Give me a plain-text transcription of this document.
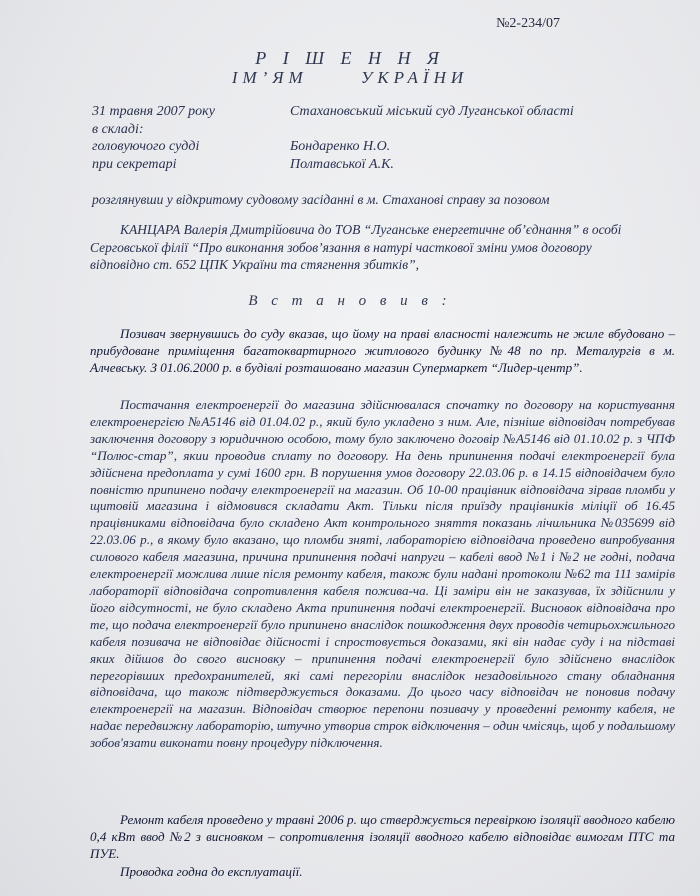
№2-234/07
Р І Ш Е Н Н Я
ІМ’ЯМ	УКРАЇНИ
31 травня 2007 року	Стахановський міський суд Луганської області
в складі:
головуючого судді	Бондаренко Н.О.
при секретарі	Полтавської А.К.
розглянувши у відкритому судовому засіданні в м. Стаханові справу за позовом
КАНЦАРА Валерія Дмитрійовича до ТОВ “Луганське енергетичне об’єднання” в особі
Серговської філії “Про виконання зобов’язання в натурі часткової зміни умов договору
відповідно ст. 652 ЦПК України та стягнення збитків”,
В с т а н о в и в :
Позивач звернувшись до суду вказав, що йому на праві власності належить не жиле вбудовано – прибудоване приміщення багатоквартирного житлового будинку №48 по пр. Металургів в м. Алчевську. З 01.06.2000 р. в будівлі розташовано магазин Супермаркет “Лидер-центр”.
Постачання електроенергії до магазина здійснювалася спочатку по договору на користування електроенергією №А5146 від 01.04.02 р., який було укладено з ним. Але, пізніше відповідач потребував заключення договору з юридичною особою, тому було заключено договір №А5146 від 01.10.02 р. з ЧПФ “Полюс-стар”, якии проводив сплату по договору. На день припинення подачі електроенергії була здійснена предоплата у сумі 1600 грн. В порушення умов договору 22.03.06 р. в 14.15 відповідачем було повністю припинено подачу електроенергії на магазин. Об 10-00 працівник відповідача зірвав пломби у щитовій магазина і відмовився складати Акт. Тільки після приїзду працівників міліції об 16.45 працівниками відповідача було складено Акт контрольного зняття показань лічильника №035699 від 22.03.06 р., в якому було вказано, що пломби зняті, лабораторією відповідача проведено випробування силового кабеля магазина, причина припинення подачі напруги – кабелі ввод №1 і №2 не годні, подача електроенергії можлива лише після ремонту кабеля, також були надані протоколи №62 та 111 замірів лабораторії відповідача сопротивлення кабеля пожива-ча. Ці заміри він не заказував, їх здійснили у його відсутності, не було складено Акта припинення подачі електроенергії. Висновок відповідача про те, що подача електроенергії було припинено внаслідок пошкодження двух проводів четирьохжильного кабеля позивача не відповідає дійсності і спростовується доказами, які він надає суду і на підставі яких дійшов до свого висновку – припинення подачі електроенергії було здійснено внаслідок перегорівших предохранителей, які самі перегоріли внаслідок незадовільного стану обладнання відповідача, що також підтверджується доказами. До цього часу відповідач не поновив подачу електроенергії на магазин. Відповідач створює перепони позивачу у проведенні ремонту кабеля, не надає передвижну лабораторію, штучно утворив строк відключення – один чмісяць, щоб у подальшому зобов'язати виконати повну процедуру підключення.
Ремонт кабеля проведено у травні 2006 р. що стверджується перевіркою ізоляції вводного кабелю 0,4 кВт ввод №2 з висновком – сопротивлення ізоляції вводного кабелю відповідає вимогам ПТС та ПУЕ.
Проводка годна до експлуатації.
